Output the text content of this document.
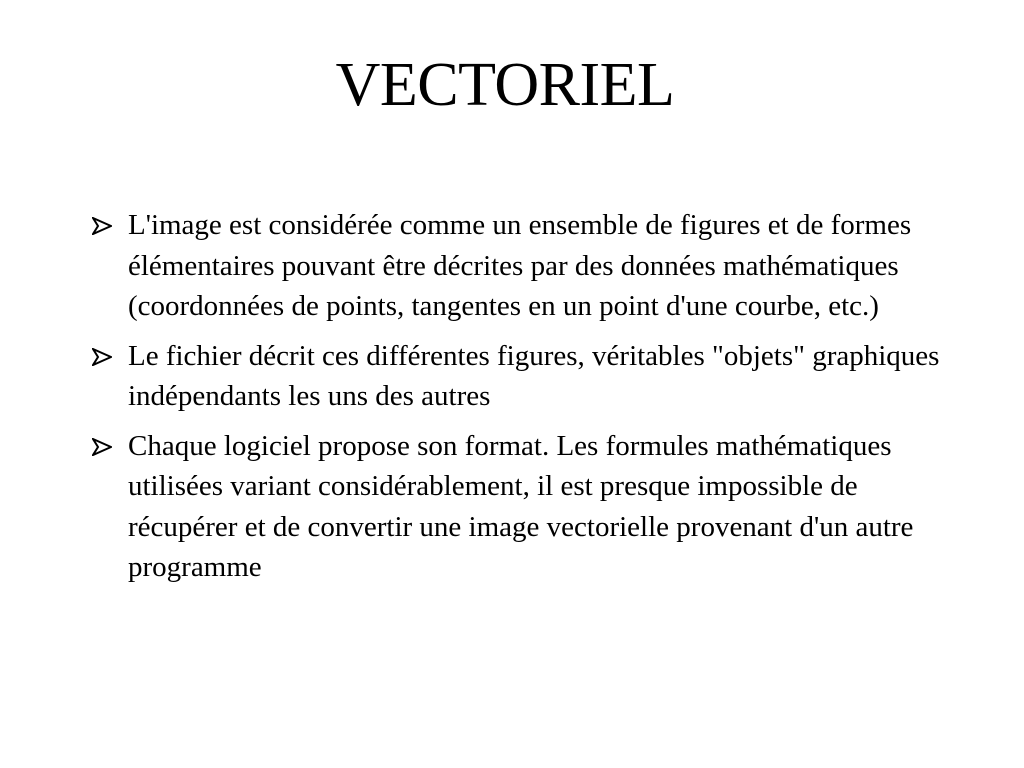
VECTORIEL
L'image est considérée comme un ensemble de figures et de formes élémentaires pouvant être décrites par des données mathématiques (coordonnées de points, tangentes en un point d'une courbe, etc.)
Le fichier décrit ces différentes figures, véritables "objets" graphiques indépendants les uns des autres
Chaque logiciel propose son format. Les formules mathématiques utilisées variant considérablement, il est presque impossible de récupérer et de convertir une image vectorielle provenant d'un autre programme
